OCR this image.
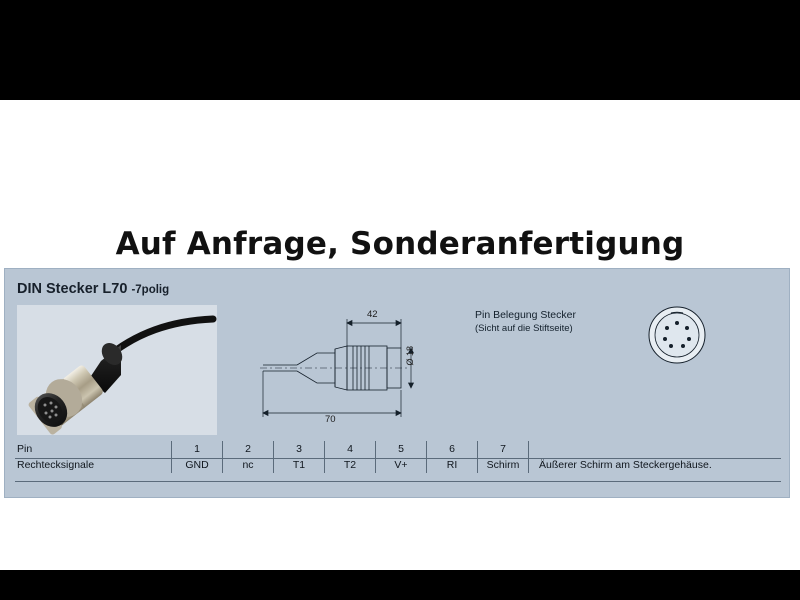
Auf Anfrage, Sonderanfertigung
DIN Stecker L70 -7polig
42
70
Ø 18
Pin Belegung Stecker
(Sicht auf die Stiftseite)
Pin	1	2	3	4	5	6	7	
Rechtecksignale	GND	nc	T1	T2	V+	RI	Schirm	Äußerer Schirm am Steckergehäuse.
